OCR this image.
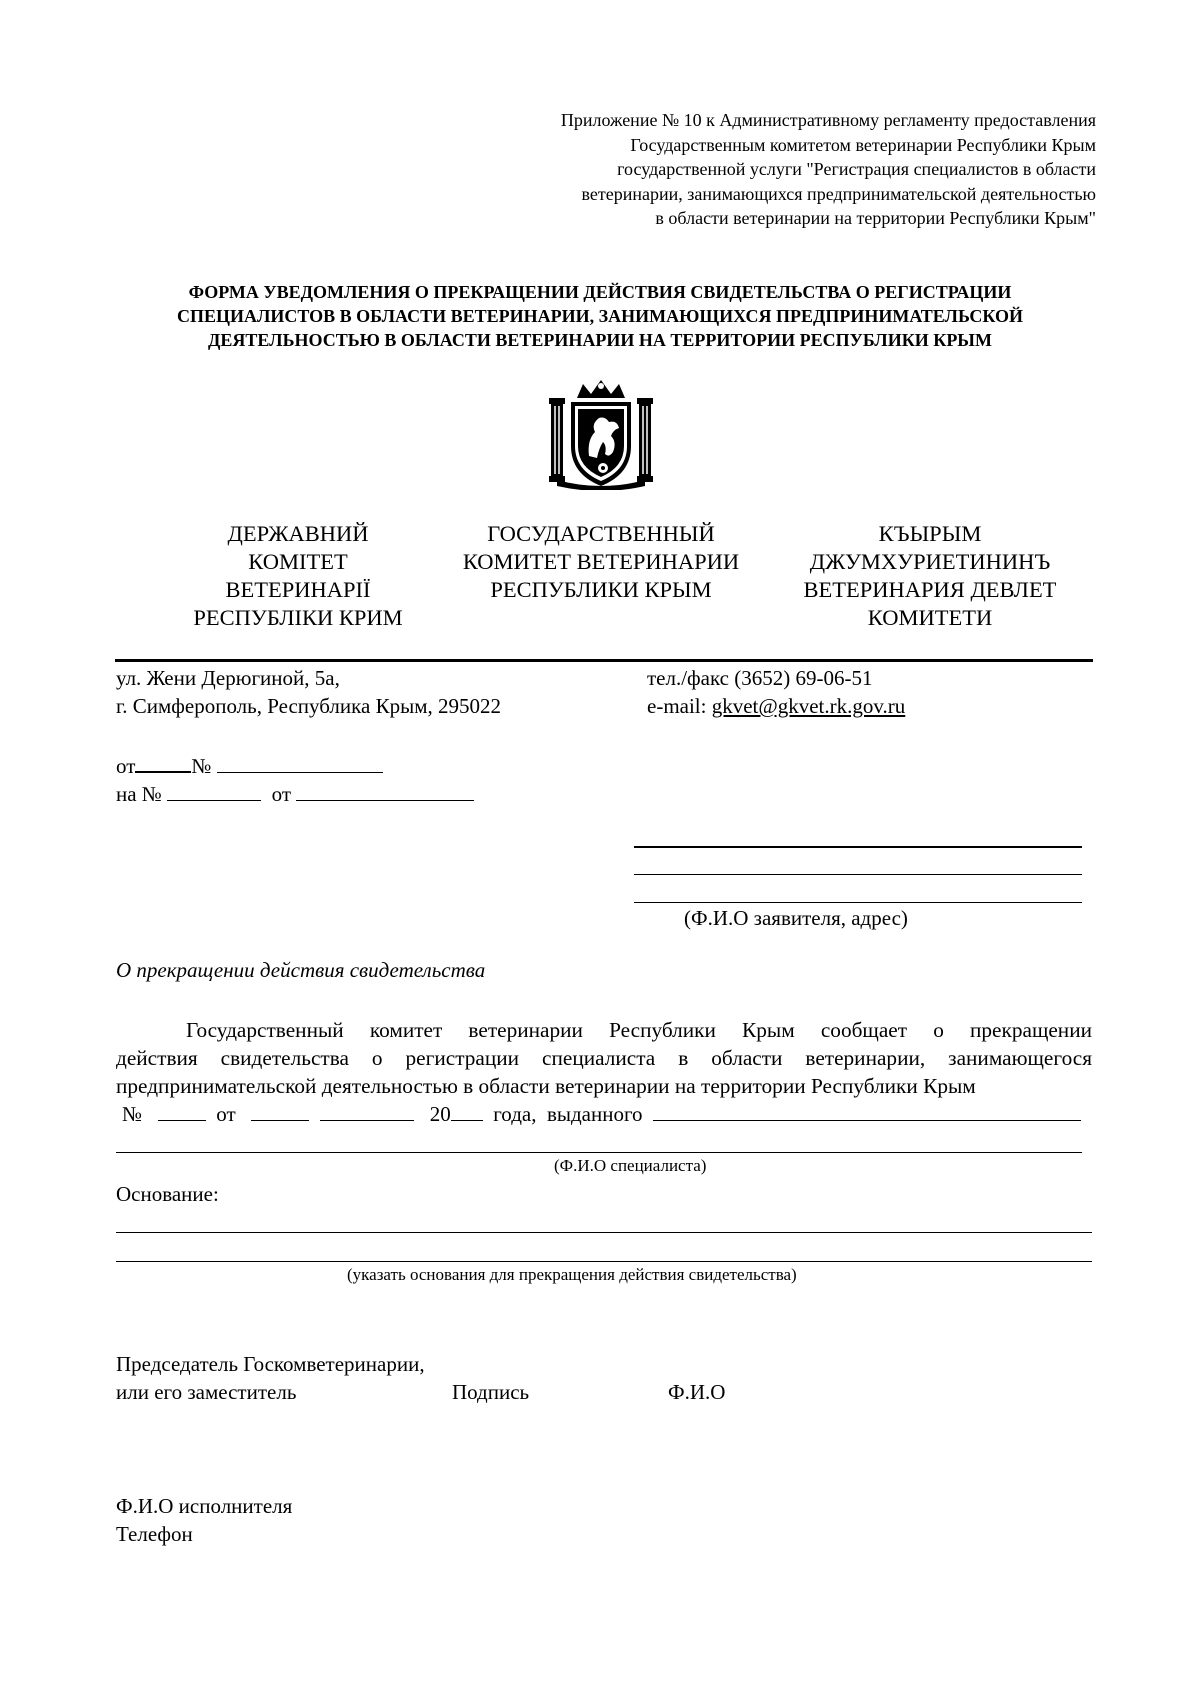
Приложение № 10 к Административному регламенту предоставления
Государственным комитетом ветеринарии Республики Крым
государственной услуги "Регистрация специалистов в области
ветеринарии, занимающихся предпринимательской деятельностью
в области ветеринарии на территории Республики Крым"
ФОРМА УВЕДОМЛЕНИЯ О ПРЕКРАЩЕНИИ ДЕЙСТВИЯ СВИДЕТЕЛЬСТВА О РЕГИСТРАЦИИ
СПЕЦИАЛИСТОВ В ОБЛАСТИ ВЕТЕРИНАРИИ, ЗАНИМАЮЩИХСЯ ПРЕДПРИНИМАТЕЛЬСКОЙ
ДЕЯТЕЛЬНОСТЬЮ В ОБЛАСТИ ВЕТЕРИНАРИИ НА ТЕРРИТОРИИ РЕСПУБЛИКИ КРЫМ
ДЕРЖАВНИЙ
КОМІТЕТ
ВЕТЕРИНАРІЇ
РЕСПУБЛІКИ КРИМ
ГОСУДАРСТВЕННЫЙ
КОМИТЕТ ВЕТЕРИНАРИИ
РЕСПУБЛИКИ КРЫМ
КЪЫРЫМ
ДЖУМХУРИЕТИНИНЪ
ВЕТЕРИНАРИЯ ДЕВЛЕТ
КОМИТЕТИ
ул. Жени Дерюгиной, 5а,
г. Симферополь, Республика Крым, 295022
тел./факс (3652) 69-06-51
e-mail: gkvet@gkvet.rk.gov.ru
от	№
на №	от
(Ф.И.О заявителя, адрес)
О прекращении действия свидетельства
Государственный комитет ветеринарии Республики Крым сообщает о прекращении
действия свидетельства о регистрации специалиста в области ветеринарии, занимающегося
предпринимательской деятельностью в области ветеринарии на территории Республики Крым
№	от	20 года, выданного
(Ф.И.О специалиста)
Основание:
(указать основания для прекращения действия свидетельства)
Председатель Госкомветеринарии,
или его заместитель	Подпись	Ф.И.О
Ф.И.О исполнителя
Телефон
